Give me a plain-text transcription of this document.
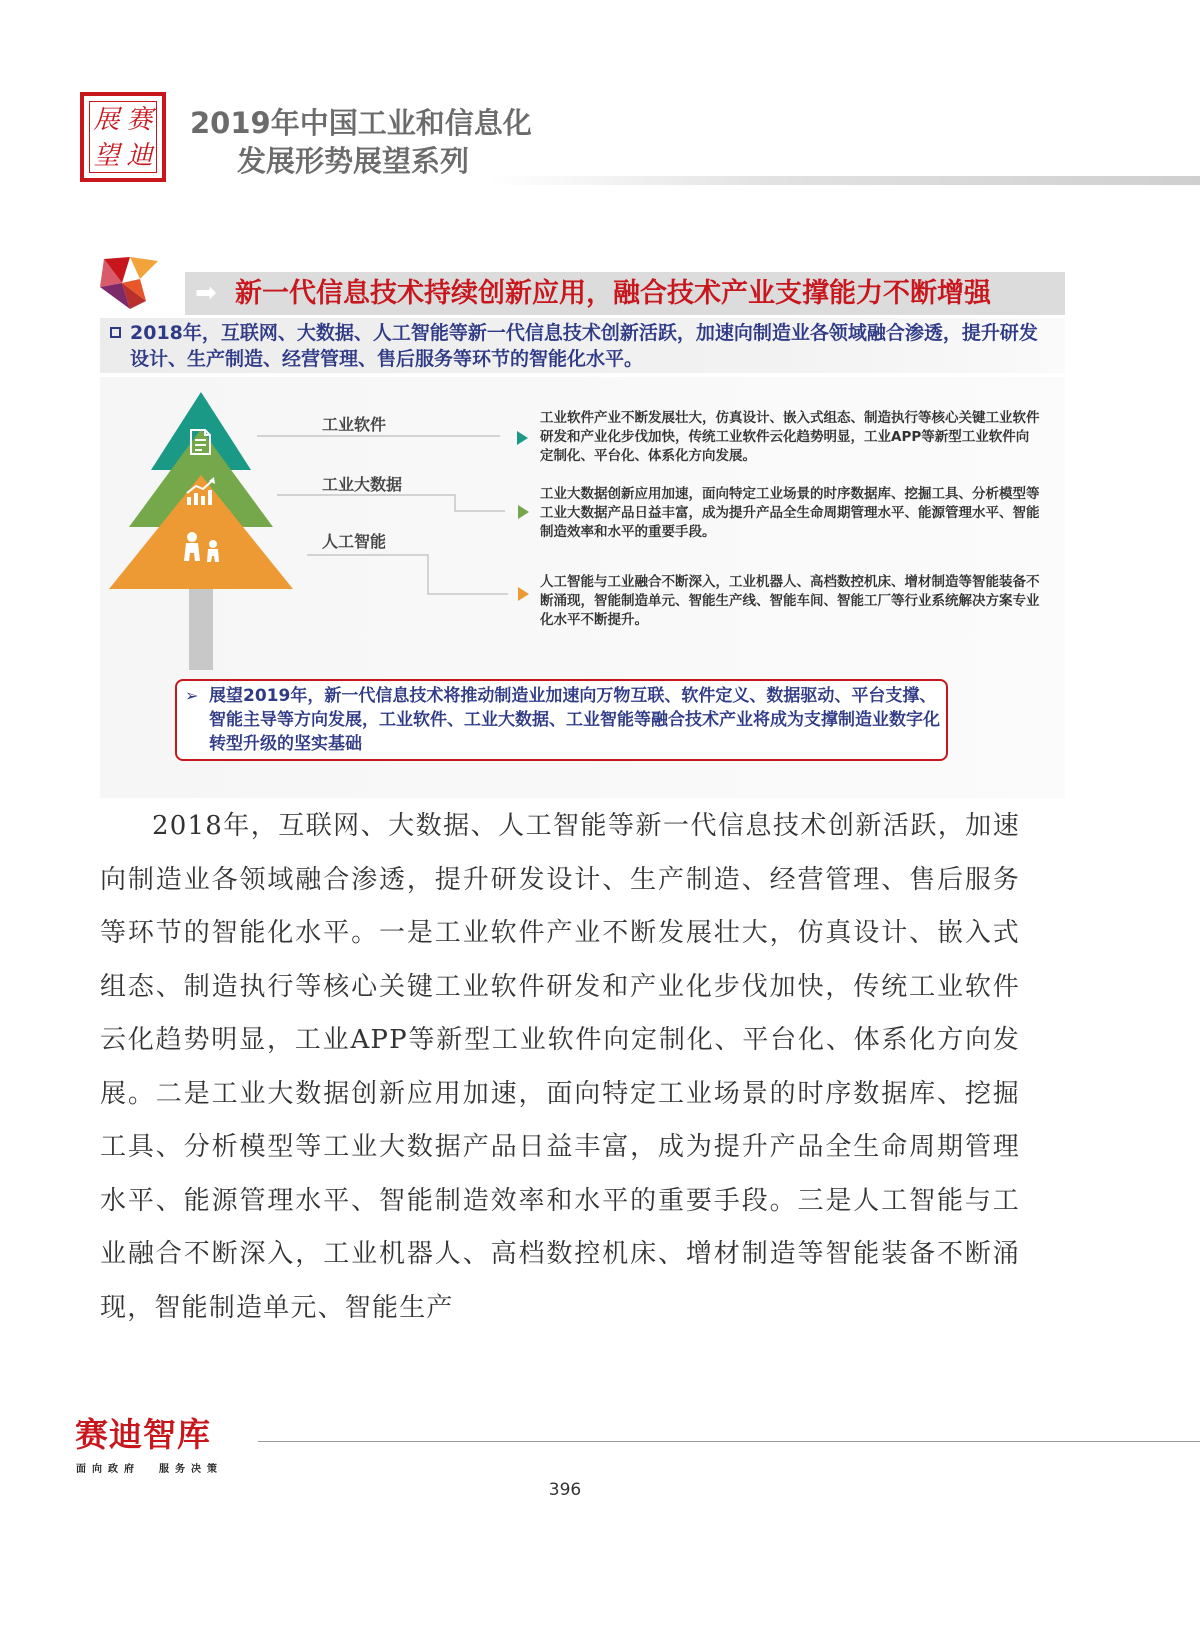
展 赛
望 迪
2019年中国工业和信息化
发展形势展望系列
➡ 新一代信息技术持续创新应用，融合技术产业支撑能力不断增强
2018年，互联网、大数据、人工智能等新一代信息技术创新活跃，加速向制造业各领域融合渗透，提升研发设计、生产制造、经营管理、售后服务等环节的智能化水平。
工业软件
工业大数据
人工智能
工业软件产业不断发展壮大，仿真设计、嵌入式组态、制造执行等核心关键工业软件研发和产业化步伐加快，传统工业软件云化趋势明显，工业APP等新型工业软件向定制化、平台化、体系化方向发展。
工业大数据创新应用加速，面向特定工业场景的时序数据库、挖掘工具、分析模型等工业大数据产品日益丰富，成为提升产品全生命周期管理水平、能源管理水平、智能制造效率和水平的重要手段。
人工智能与工业融合不断深入，工业机器人、高档数控机床、增材制造等智能装备不断涌现，智能制造单元、智能生产线、智能车间、智能工厂等行业系统解决方案专业化水平不断提升。
➢ 展望2019年，新一代信息技术将推动制造业加速向万物互联、软件定义、数据驱动、平台支撑、智能主导等方向发展，工业软件、工业大数据、工业智能等融合技术产业将成为支撑制造业数字化转型升级的坚实基础
2018年，互联网、大数据、人工智能等新一代信息技术创新活跃，加速向制造业各领域融合渗透，提升研发设计、生产制造、经营管理、售后服务等环节的智能化水平。一是工业软件产业不断发展壮大，仿真设计、嵌入式组态、制造执行等核心关键工业软件研发和产业化步伐加快，传统工业软件云化趋势明显，工业APP等新型工业软件向定制化、平台化、体系化方向发展。二是工业大数据创新应用加速，面向特定工业场景的时序数据库、挖掘工具、分析模型等工业大数据产品日益丰富，成为提升产品全生命周期管理水平、能源管理水平、智能制造效率和水平的重要手段。三是人工智能与工业融合不断深入，工业机器人、高档数控机床、增材制造等智能装备不断涌现，智能制造单元、智能生产
赛迪智库
面向政府  服务决策
396
